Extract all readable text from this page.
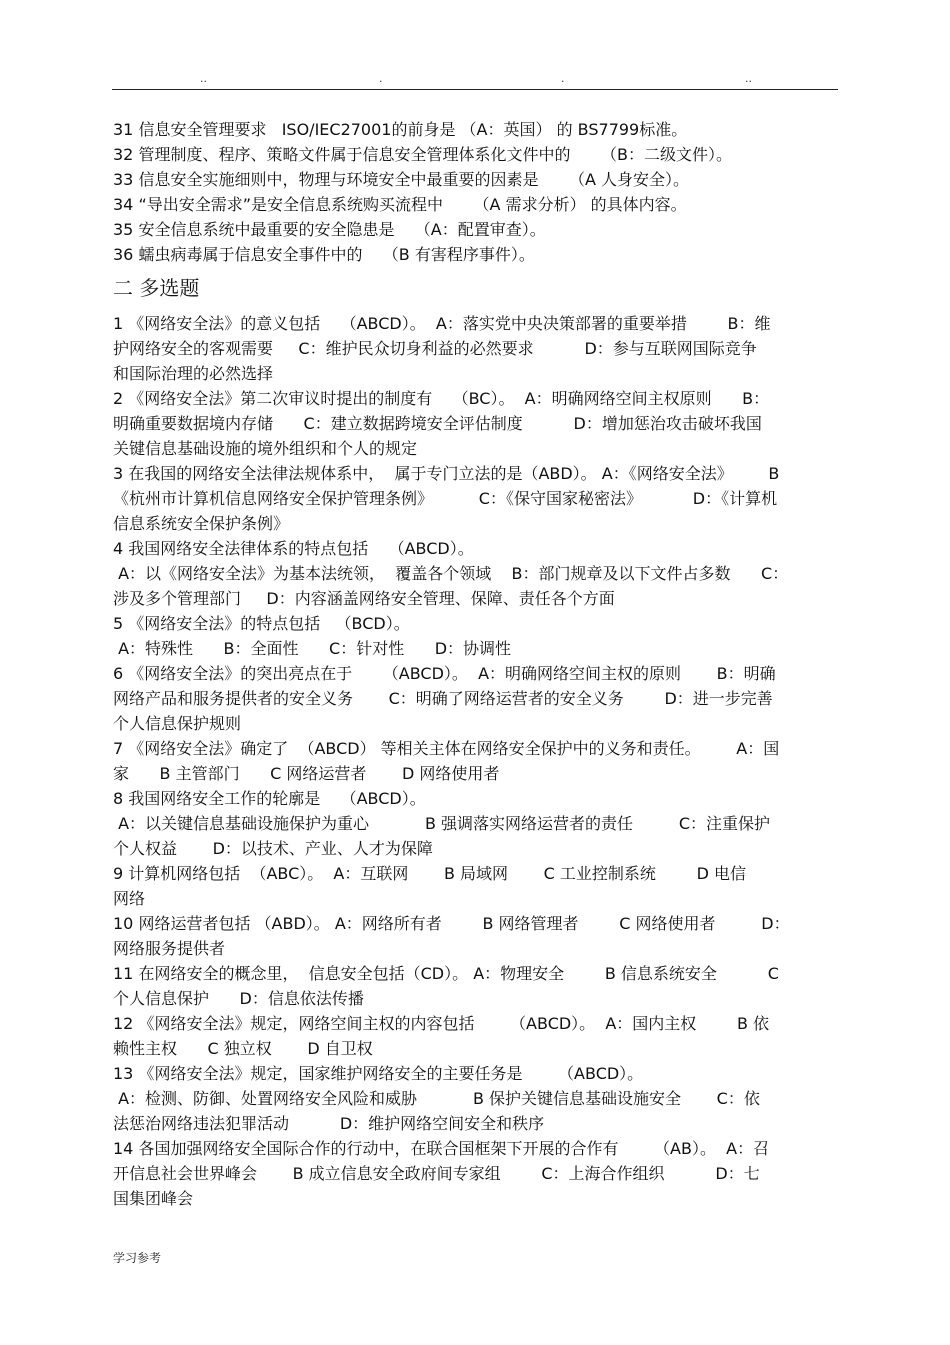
..	.	.	..
31 信息安全管理要求   ISO/IEC27001的前身是 （A：英国） 的 BS7799标准。
32 管理制度、程序、策略文件属于信息安全管理体系化文件中的      （B：二级文件）。
33 信息安全实施细则中，物理与环境安全中最重要的因素是      （A 人身安全）。
34 “导出安全需求”是安全信息系统购买流程中      （A 需求分析） 的具体内容。
35 安全信息系统中最重要的安全隐患是    （A：配置审查）。
36 蠕虫病毒属于信息安全事件中的    （B 有害程序事件）。
二 多选题
1 《网络安全法》的意义包括    （ABCD）。  A：落实党中央决策部署的重要举措        B：维
护网络安全的客观需要     C：维护民众切身利益的必然要求          D：参与互联网国际竞争
和国际治理的必然选择
2 《网络安全法》第二次审议时提出的制度有    （BC）。  A：明确网络空间主权原则      B：
明确重要数据境内存储      C：建立数据跨境安全评估制度          D：增加惩治攻击破坏我国
关键信息基础设施的境外组织和个人的规定
3 在我国的网络安全法律法规体系中，  属于专门立法的是（ABD）。 A：《网络安全法》       B
《杭州市计算机信息网络安全保护管理条例》         C：《保守国家秘密法》          D：《计算机
信息系统安全保护条例》
4 我国网络安全法律体系的特点包括    （ABCD）。
A：以《网络安全法》为基本法统领，  覆盖各个领域    B：部门规章及以下文件占多数      C：
涉及多个管理部门     D：内容涵盖网络安全管理、保障、责任各个方面
5 《网络安全法》的特点包括   （BCD）。
A：特殊性      B：全面性      C：针对性      D：协调性
6 《网络安全法》的突出亮点在于      （ABCD）。  A：明确网络空间主权的原则       B：明确
网络产品和服务提供者的安全义务       C：明确了网络运营者的安全义务        D：进一步完善
个人信息保护规则
7 《网络安全法》确定了  （ABCD） 等相关主体在网络安全保护中的义务和责任。       A：国
家      B 主管部门      C 网络运营者       D 网络使用者
8 我国网络安全工作的轮廓是    （ABCD）。
A：以关键信息基础设施保护为重心           B 强调落实网络运营者的责任         C：注重保护
个人权益       D：以技术、产业、人才为保障
9 计算机网络包括  （ABC）。  A：互联网       B 局域网       C 工业控制系统        D 电信
网络
10 网络运营者包括 （ABD）。 A：网络所有者        B 网络管理者        C 网络使用者         D：
网络服务提供者
11 在网络安全的概念里，  信息安全包括（CD）。 A：物理安全        B 信息系统安全          C
个人信息保护      D：信息依法传播
12 《网络安全法》规定，网络空间主权的内容包括       （ABCD）。  A：国内主权        B 依
赖性主权      C 独立权       D 自卫权
13 《网络安全法》规定，国家维护网络安全的主要任务是       （ABCD）。
A：检测、防御、处置网络安全风险和威胁           B 保护关键信息基础设施安全       C：依
法惩治网络违法犯罪活动          D：维护网络空间安全和秩序
14 各国加强网络安全国际合作的行动中，在联合国框架下开展的合作有       （AB）。  A：召
开信息社会世界峰会       B 成立信息安全政府间专家组        C：上海合作组织          D：七
国集团峰会
学习参考
